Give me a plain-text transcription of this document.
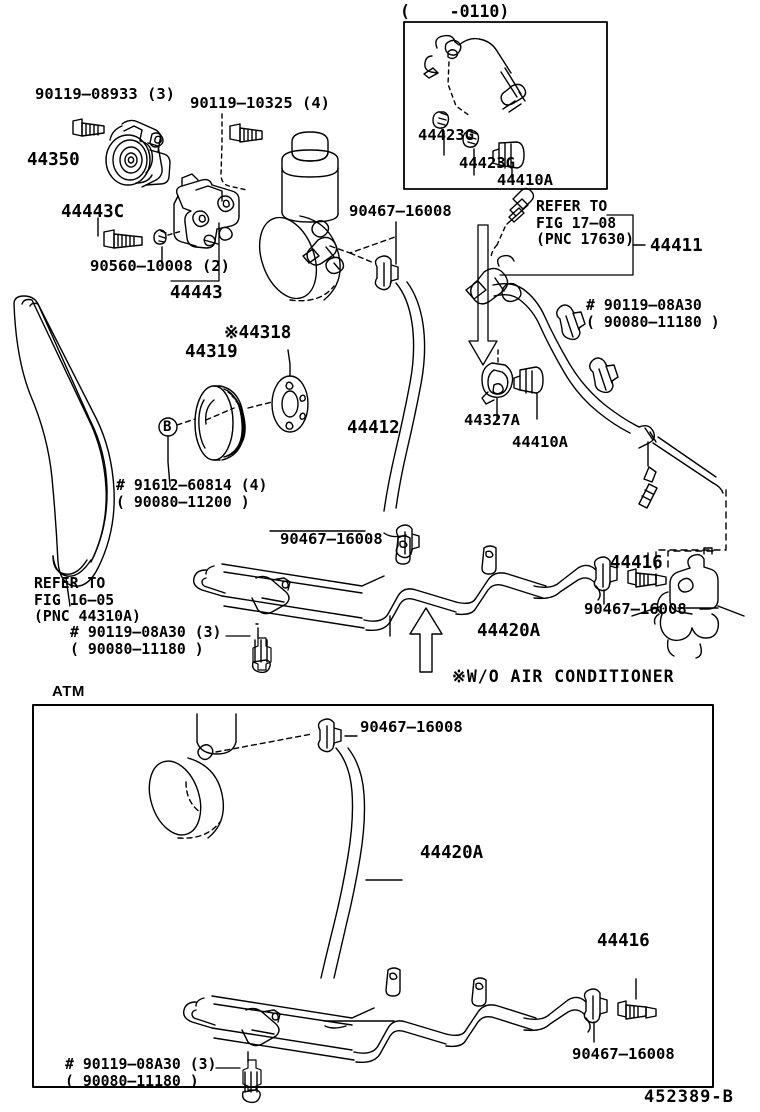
(    -0110)
44423G
44423G
44410A
90119–08933 (3)
44350
44443C
90560–10008 (2)
44443
90119–10325 (4)
90467–16008
※44318
44319
# 91612–60814 (4)
( 90080–11200 )
44412
REFER TO
FIG 16–05
(PNC 44310A)
# 90119–08A30 (3)
( 90080–11180 )
90467–16008
44420A
44416
90467–16008
REFER TO
FIG 17–08
(PNC 17630) 44411
# 90119–08A30
( 90080–11180 )
44327A
44410A
B
※W/O AIR CONDITIONER
ATM
90467–16008
44420A
44416
90467–16008
# 90119–08A30 (3)
( 90080–11180 )
452389-B
